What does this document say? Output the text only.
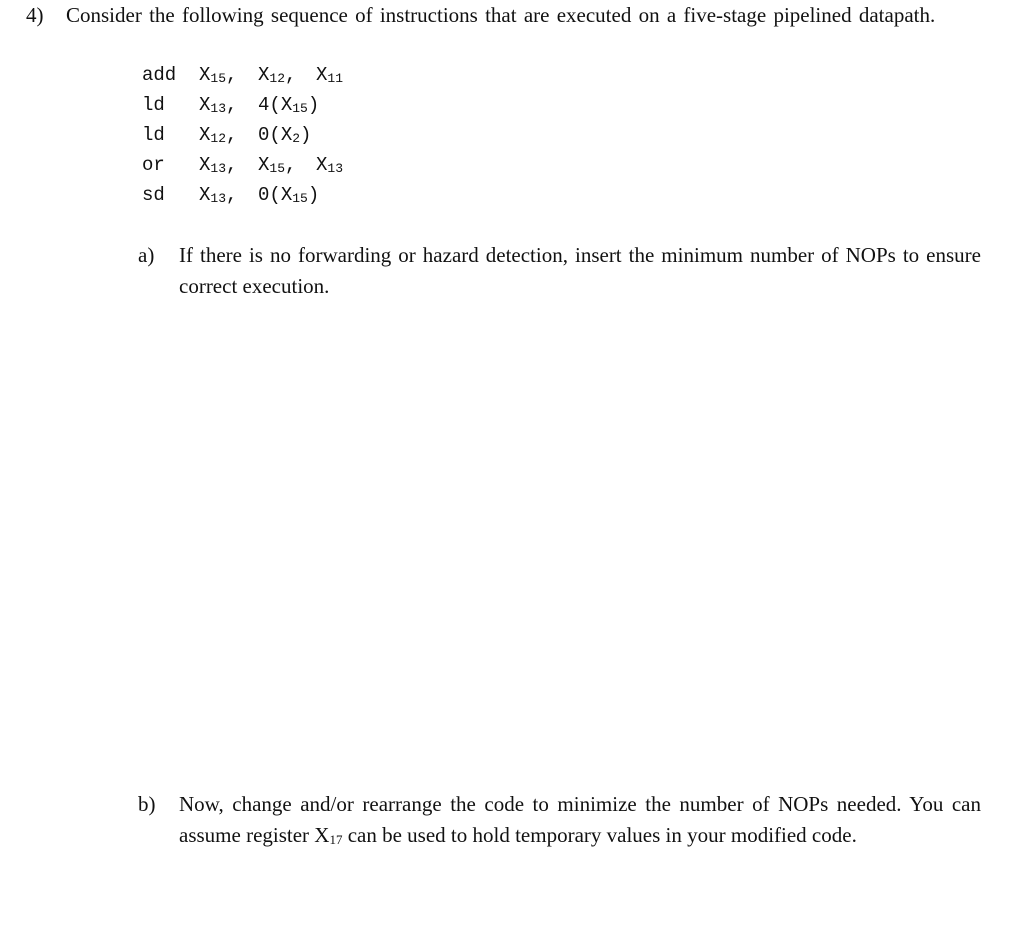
4) Consider the following sequence of instructions that are executed on a five-stage pipelined datapath.
add $X_{15}$, $X_{12}$, $X_{11}$
ld $X_{13}$, $4(X_{15})$
ld $X_{12}$, $0(X_2)$
or $X_{13}$, $X_{15}$, $X_{13}$
sd $X_{13}$, $0(X_{15})$
a) If there is no forwarding or hazard detection, insert the minimum number of NOPs to ensure correct execution.
b) Now, change and/or rearrange the code to minimize the number of NOPs needed. You can assume register $X_{17}$ can be used to hold temporary values in your modified code.
